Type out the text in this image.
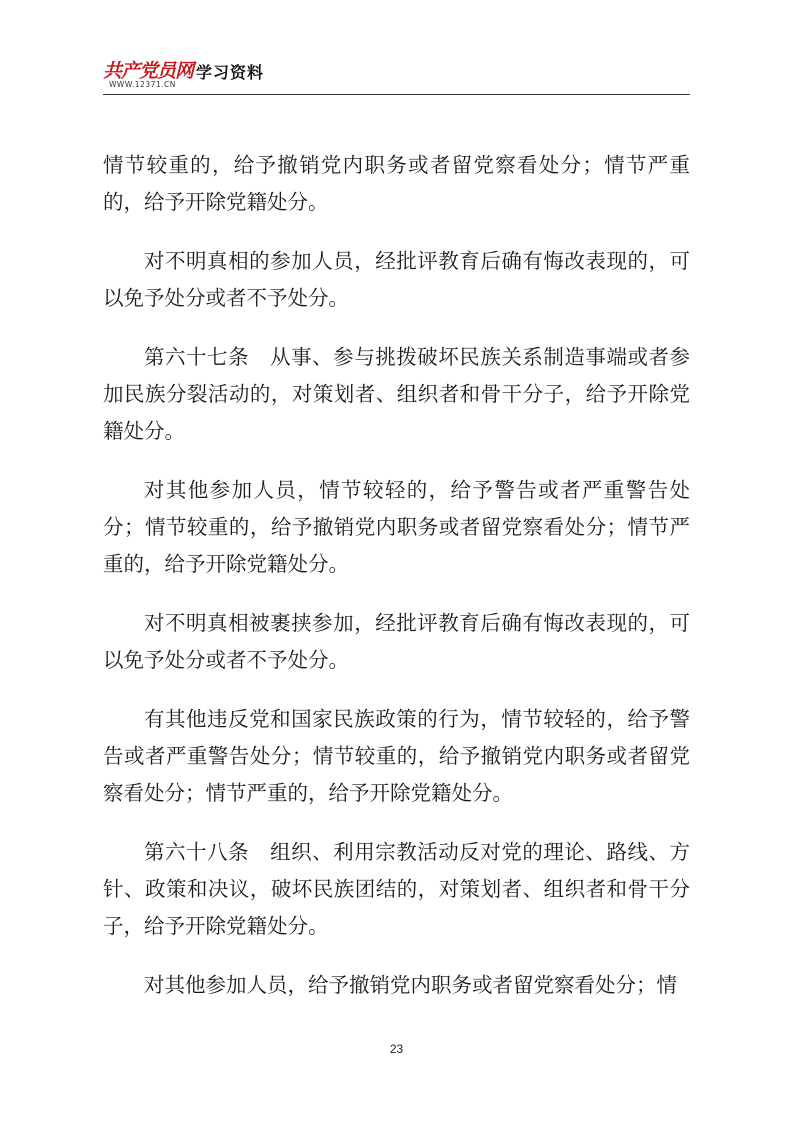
共产党员网
WWW.12371.CN
学习资料

情节较重的，给予撤销党内职务或者留党察看处分；情节严重的，给予开除党籍处分。

对不明真相的参加人员，经批评教育后确有悔改表现的，可以免予处分或者不予处分。

第六十七条　从事、参与挑拨破坏民族关系制造事端或者参加民族分裂活动的，对策划者、组织者和骨干分子，给予开除党籍处分。

对其他参加人员，情节较轻的，给予警告或者严重警告处分；情节较重的，给予撤销党内职务或者留党察看处分；情节严重的，给予开除党籍处分。

对不明真相被裹挟参加，经批评教育后确有悔改表现的，可以免予处分或者不予处分。

有其他违反党和国家民族政策的行为，情节较轻的，给予警告或者严重警告处分；情节较重的，给予撤销党内职务或者留党察看处分；情节严重的，给予开除党籍处分。

第六十八条　组织、利用宗教活动反对党的理论、路线、方针、政策和决议，破坏民族团结的，对策划者、组织者和骨干分子，给予开除党籍处分。

对其他参加人员，给予撤销党内职务或者留党察看处分；情

23
